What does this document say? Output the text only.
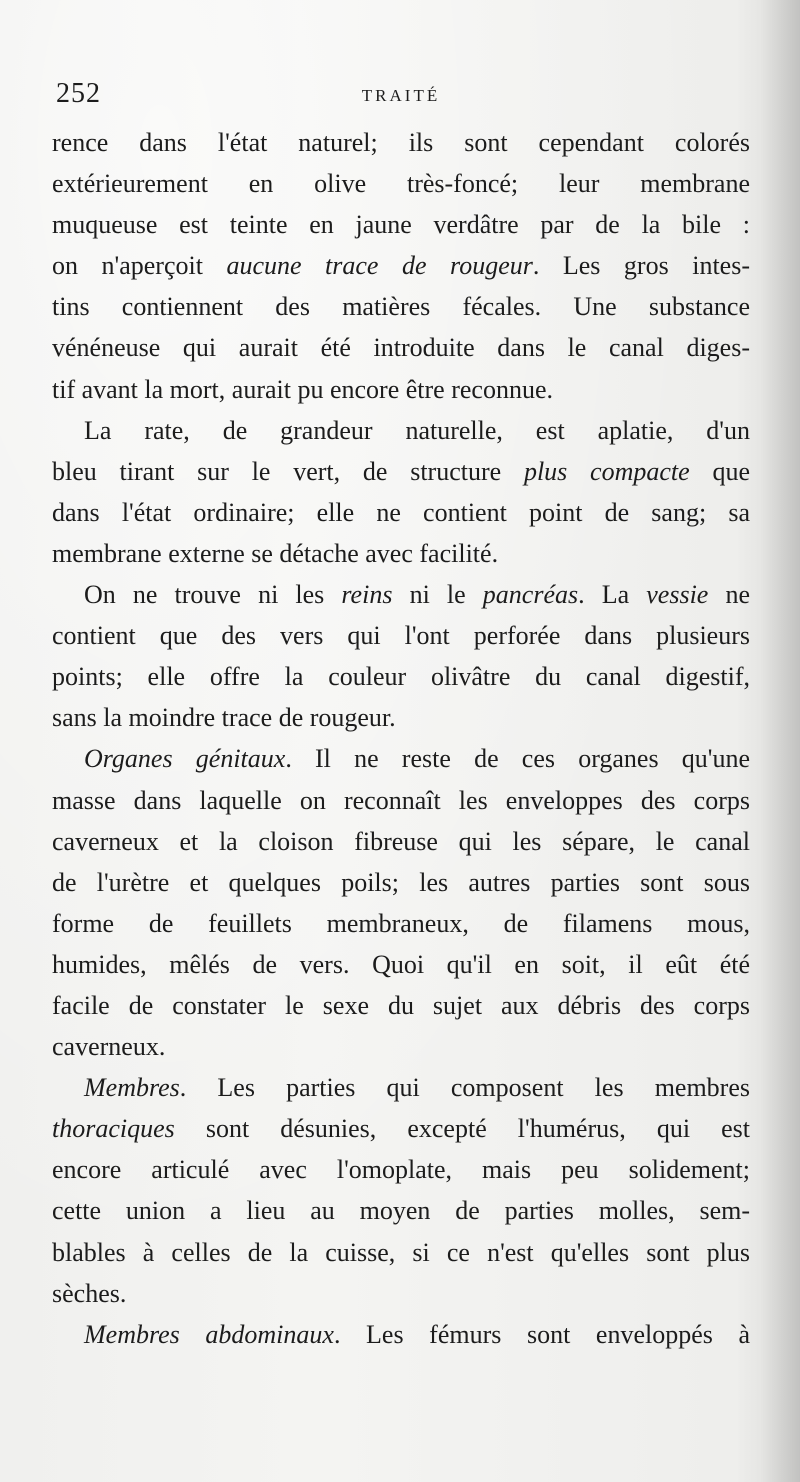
252	TRAITÉ
rence dans l'état naturel; ils sont cependant colorés
extérieurement en olive très-foncé; leur membrane
muqueuse est teinte en jaune verdâtre par de la bile :
on n'aperçoit aucune trace de rougeur. Les gros intes-
tins contiennent des matières fécales. Une substance
vénéneuse qui aurait été introduite dans le canal diges-
tif avant la mort, aurait pu encore être reconnue.
La rate, de grandeur naturelle, est aplatie, d'un
bleu tirant sur le vert, de structure plus compacte que
dans l'état ordinaire; elle ne contient point de sang; sa
membrane externe se détache avec facilité.
On ne trouve ni les reins ni le pancréas. La vessie ne
contient que des vers qui l'ont perforée dans plusieurs
points; elle offre la couleur olivâtre du canal digestif,
sans la moindre trace de rougeur.
Organes génitaux. Il ne reste de ces organes qu'une
masse dans laquelle on reconnaît les enveloppes des corps
caverneux et la cloison fibreuse qui les sépare, le canal
de l'urètre et quelques poils; les autres parties sont sous
forme de feuillets membraneux, de filamens mous,
humides, mêlés de vers. Quoi qu'il en soit, il eût été
facile de constater le sexe du sujet aux débris des corps
caverneux.
Membres. Les parties qui composent les membres
thoraciques sont désunies, excepté l'humérus, qui est
encore articulé avec l'omoplate, mais peu solidement;
cette union a lieu au moyen de parties molles, sem-
blables à celles de la cuisse, si ce n'est qu'elles sont plus
sèches.
Membres abdominaux. Les fémurs sont enveloppés à
